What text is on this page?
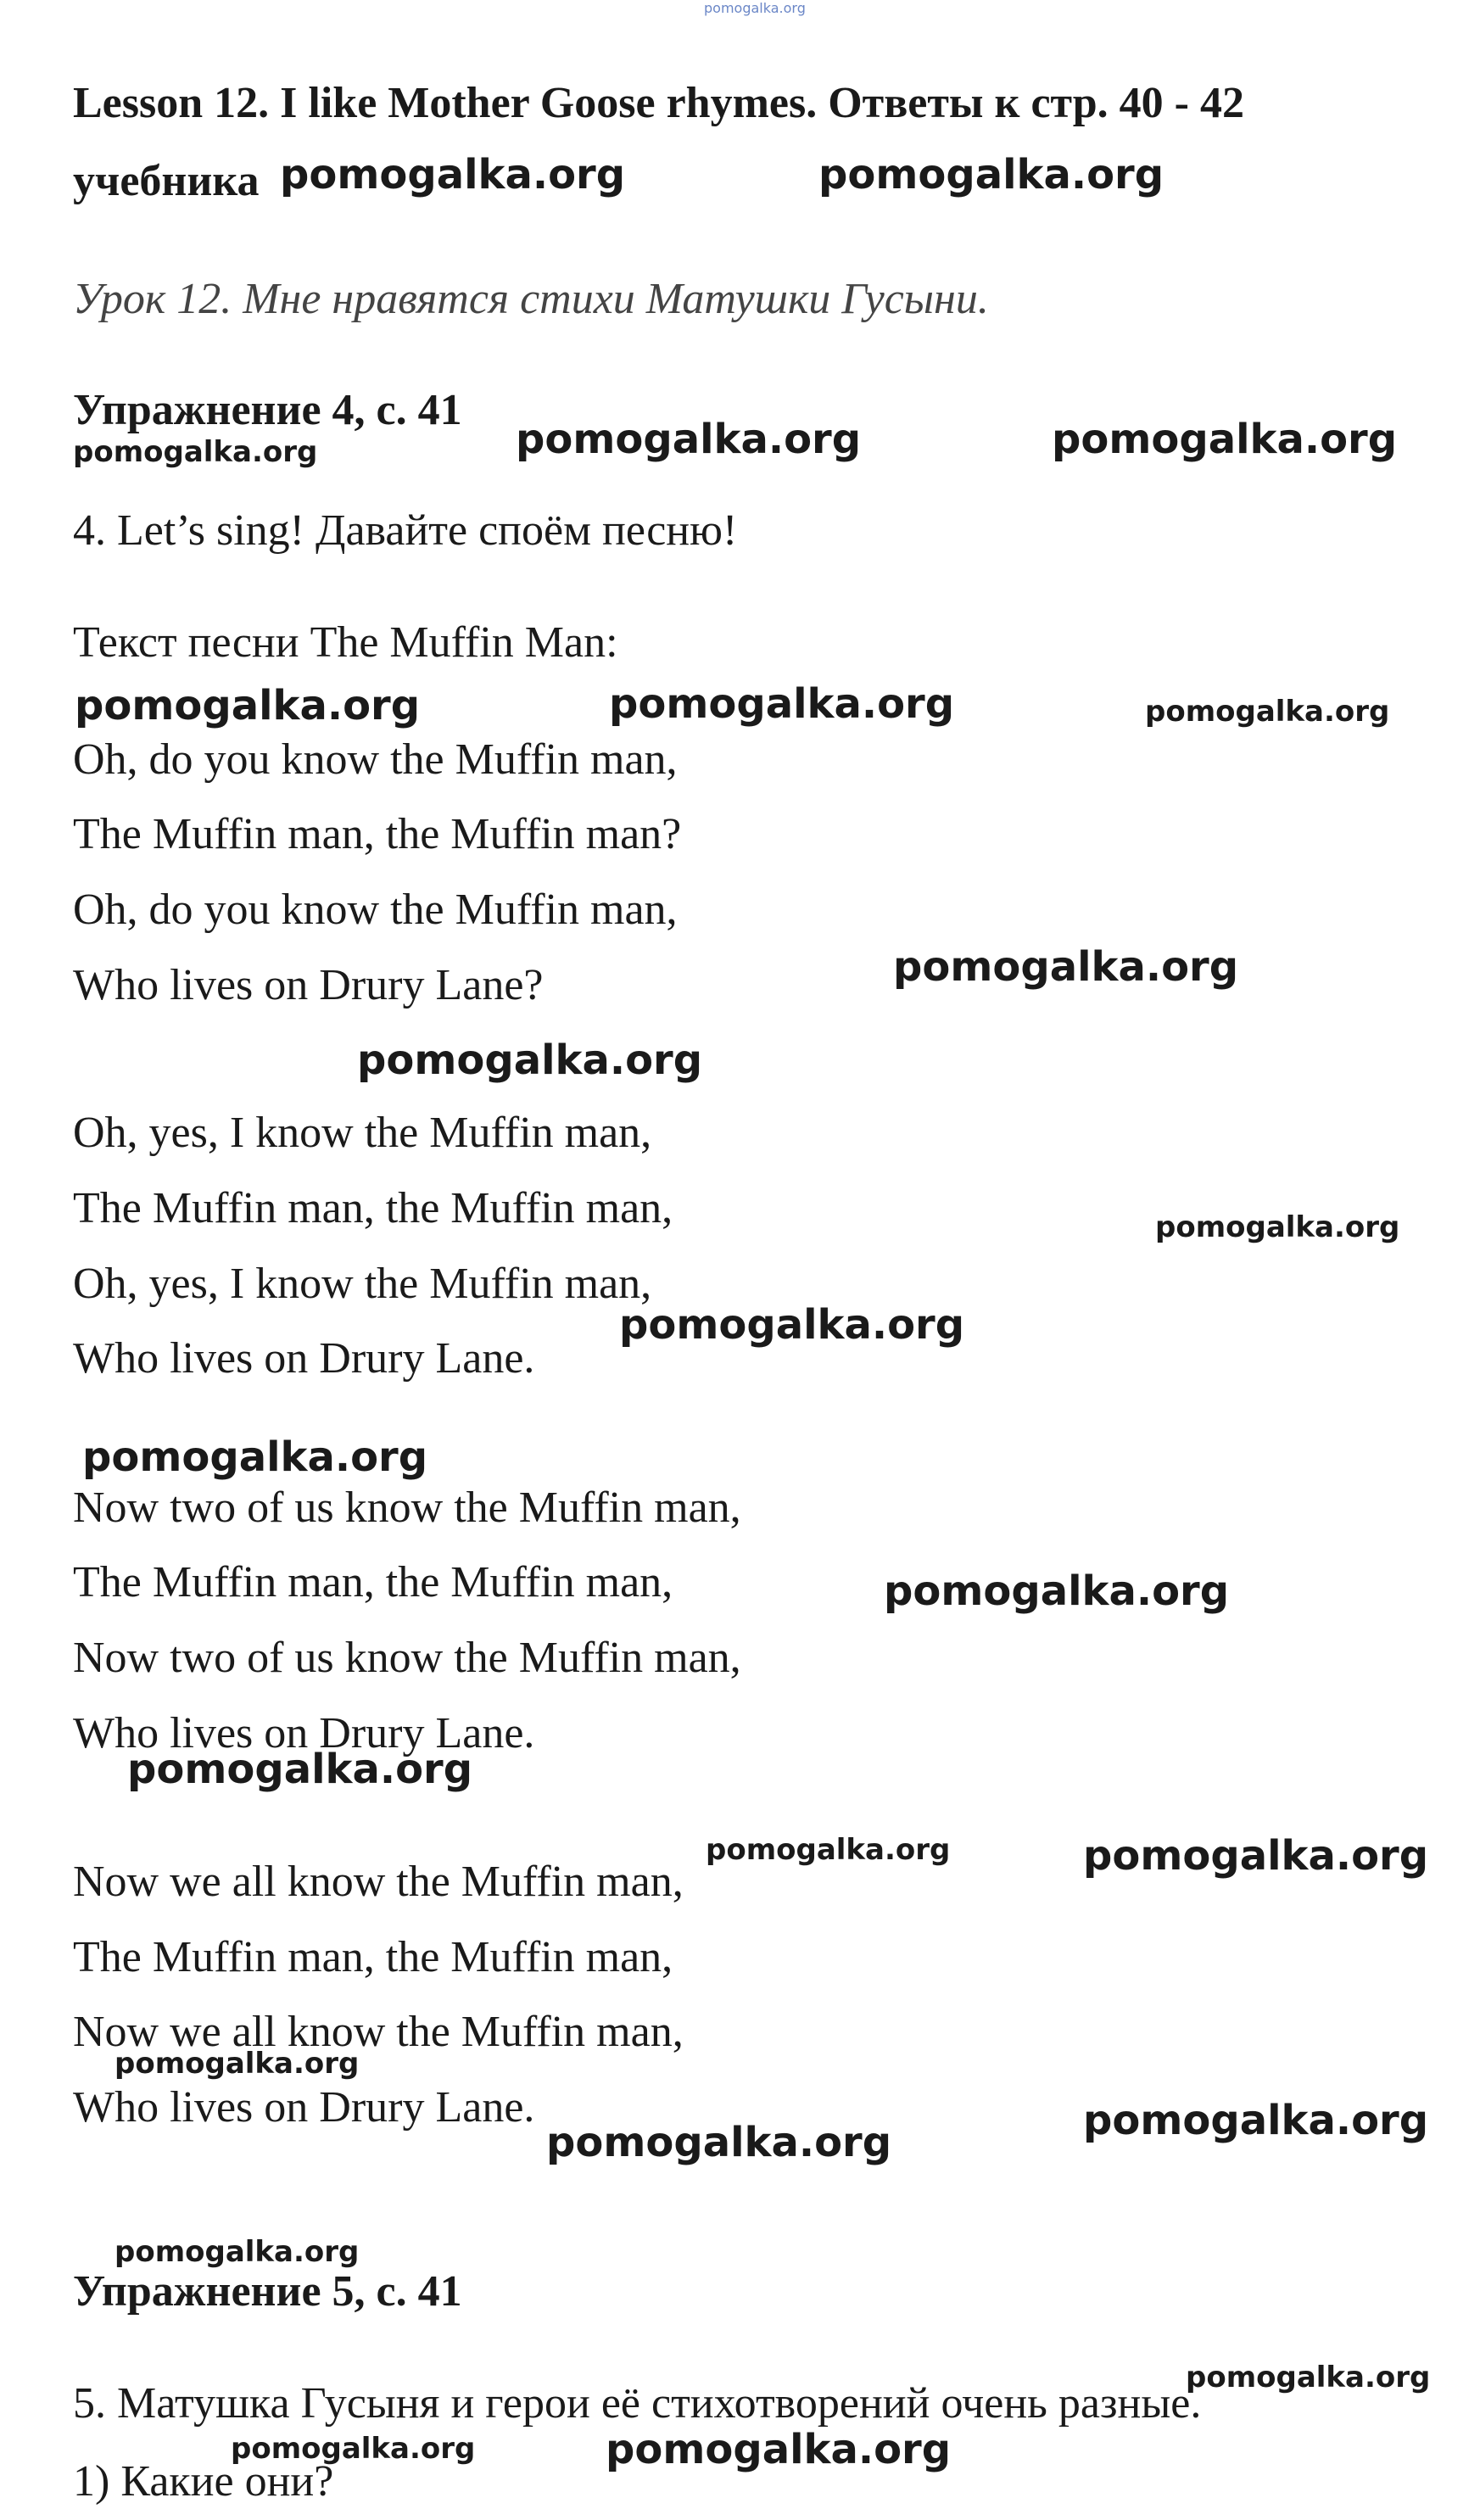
pomogalka.org
Lesson 12. I like Mother Goose rhymes. Ответы к стр. 40 - 42
учебника
Урок 12. Мне нравятся стихи Матушки Гусыни.
Упражнение 4, с. 41
4. Let’s sing! Давайте споём песню!
Текст песни The Muffin Man:
Oh, do you know the Muffin man,
The Muffin man, the Muffin man?
Oh, do you know the Muffin man,
Who lives on Drury Lane?
Oh, yes, I know the Muffin man,
The Muffin man, the Muffin man,
Oh, yes, I know the Muffin man,
Who lives on Drury Lane.
Now two of us know the Muffin man,
The Muffin man, the Muffin man,
Now two of us know the Muffin man,
Who lives on Drury Lane.
Now we all know the Muffin man,
The Muffin man, the Muffin man,
Now we all know the Muffin man,
Who lives on Drury Lane.
Упражнение 5, с. 41
5. Матушка Гусыня и герои её стихотворений очень разные.
1) Какие они?
pomogalka.org	pomogalka.org
pomogalka.org	pomogalka.org	pomogalka.org
pomogalka.org	pomogalka.org	pomogalka.org
pomogalka.org
pomogalka.org
pomogalka.org
pomogalka.org
pomogalka.org
pomogalka.org
pomogalka.org
pomogalka.org	pomogalka.org
pomogalka.org
pomogalka.org	pomogalka.org
pomogalka.org
pomogalka.org
pomogalka.org
pomogalka.org
